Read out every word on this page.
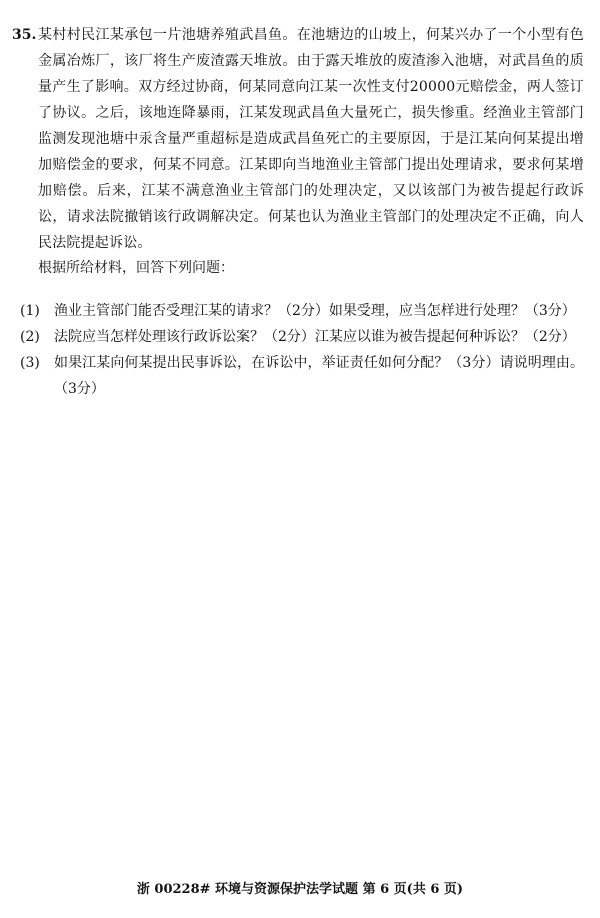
35. 某村村民江某承包一片池塘养殖武昌鱼。在池塘边的山坡上，何某兴办了一个小型有色金属冶炼厂，该厂将生产废渣露天堆放。由于露天堆放的废渣渗入池塘，对武昌鱼的质量产生了影响。双方经过协商，何某同意向江某一次性支付20000元赔偿金，两人签订了协议。之后，该地连降暴雨，江某发现武昌鱼大量死亡，损失惨重。经渔业主管部门监测发现池塘中汞含量严重超标是造成武昌鱼死亡的主要原因，于是江某向何某提出增加赔偿金的要求，何某不同意。江某即向当地渔业主管部门提出处理请求，要求何某增加赔偿。后来，江某不满意渔业主管部门的处理决定，又以该部门为被告提起行政诉讼，请求法院撤销该行政调解决定。何某也认为渔业主管部门的处理决定不正确，向人民法院提起诉讼。
根据所给材料，回答下列问题：
(1) 渔业主管部门能否受理江某的请求？（2分）如果受理，应当怎样进行处理？（3分）
(2) 法院应当怎样处理该行政诉讼案？（2分）江某应以谁为被告提起何种诉讼？（2分）
(3) 如果江某向何某提出民事诉讼，在诉讼中，举证责任如何分配？（3分）请说明理由。（3分）
浙 00228# 环境与资源保护法学试题 第 6 页(共 6 页)
